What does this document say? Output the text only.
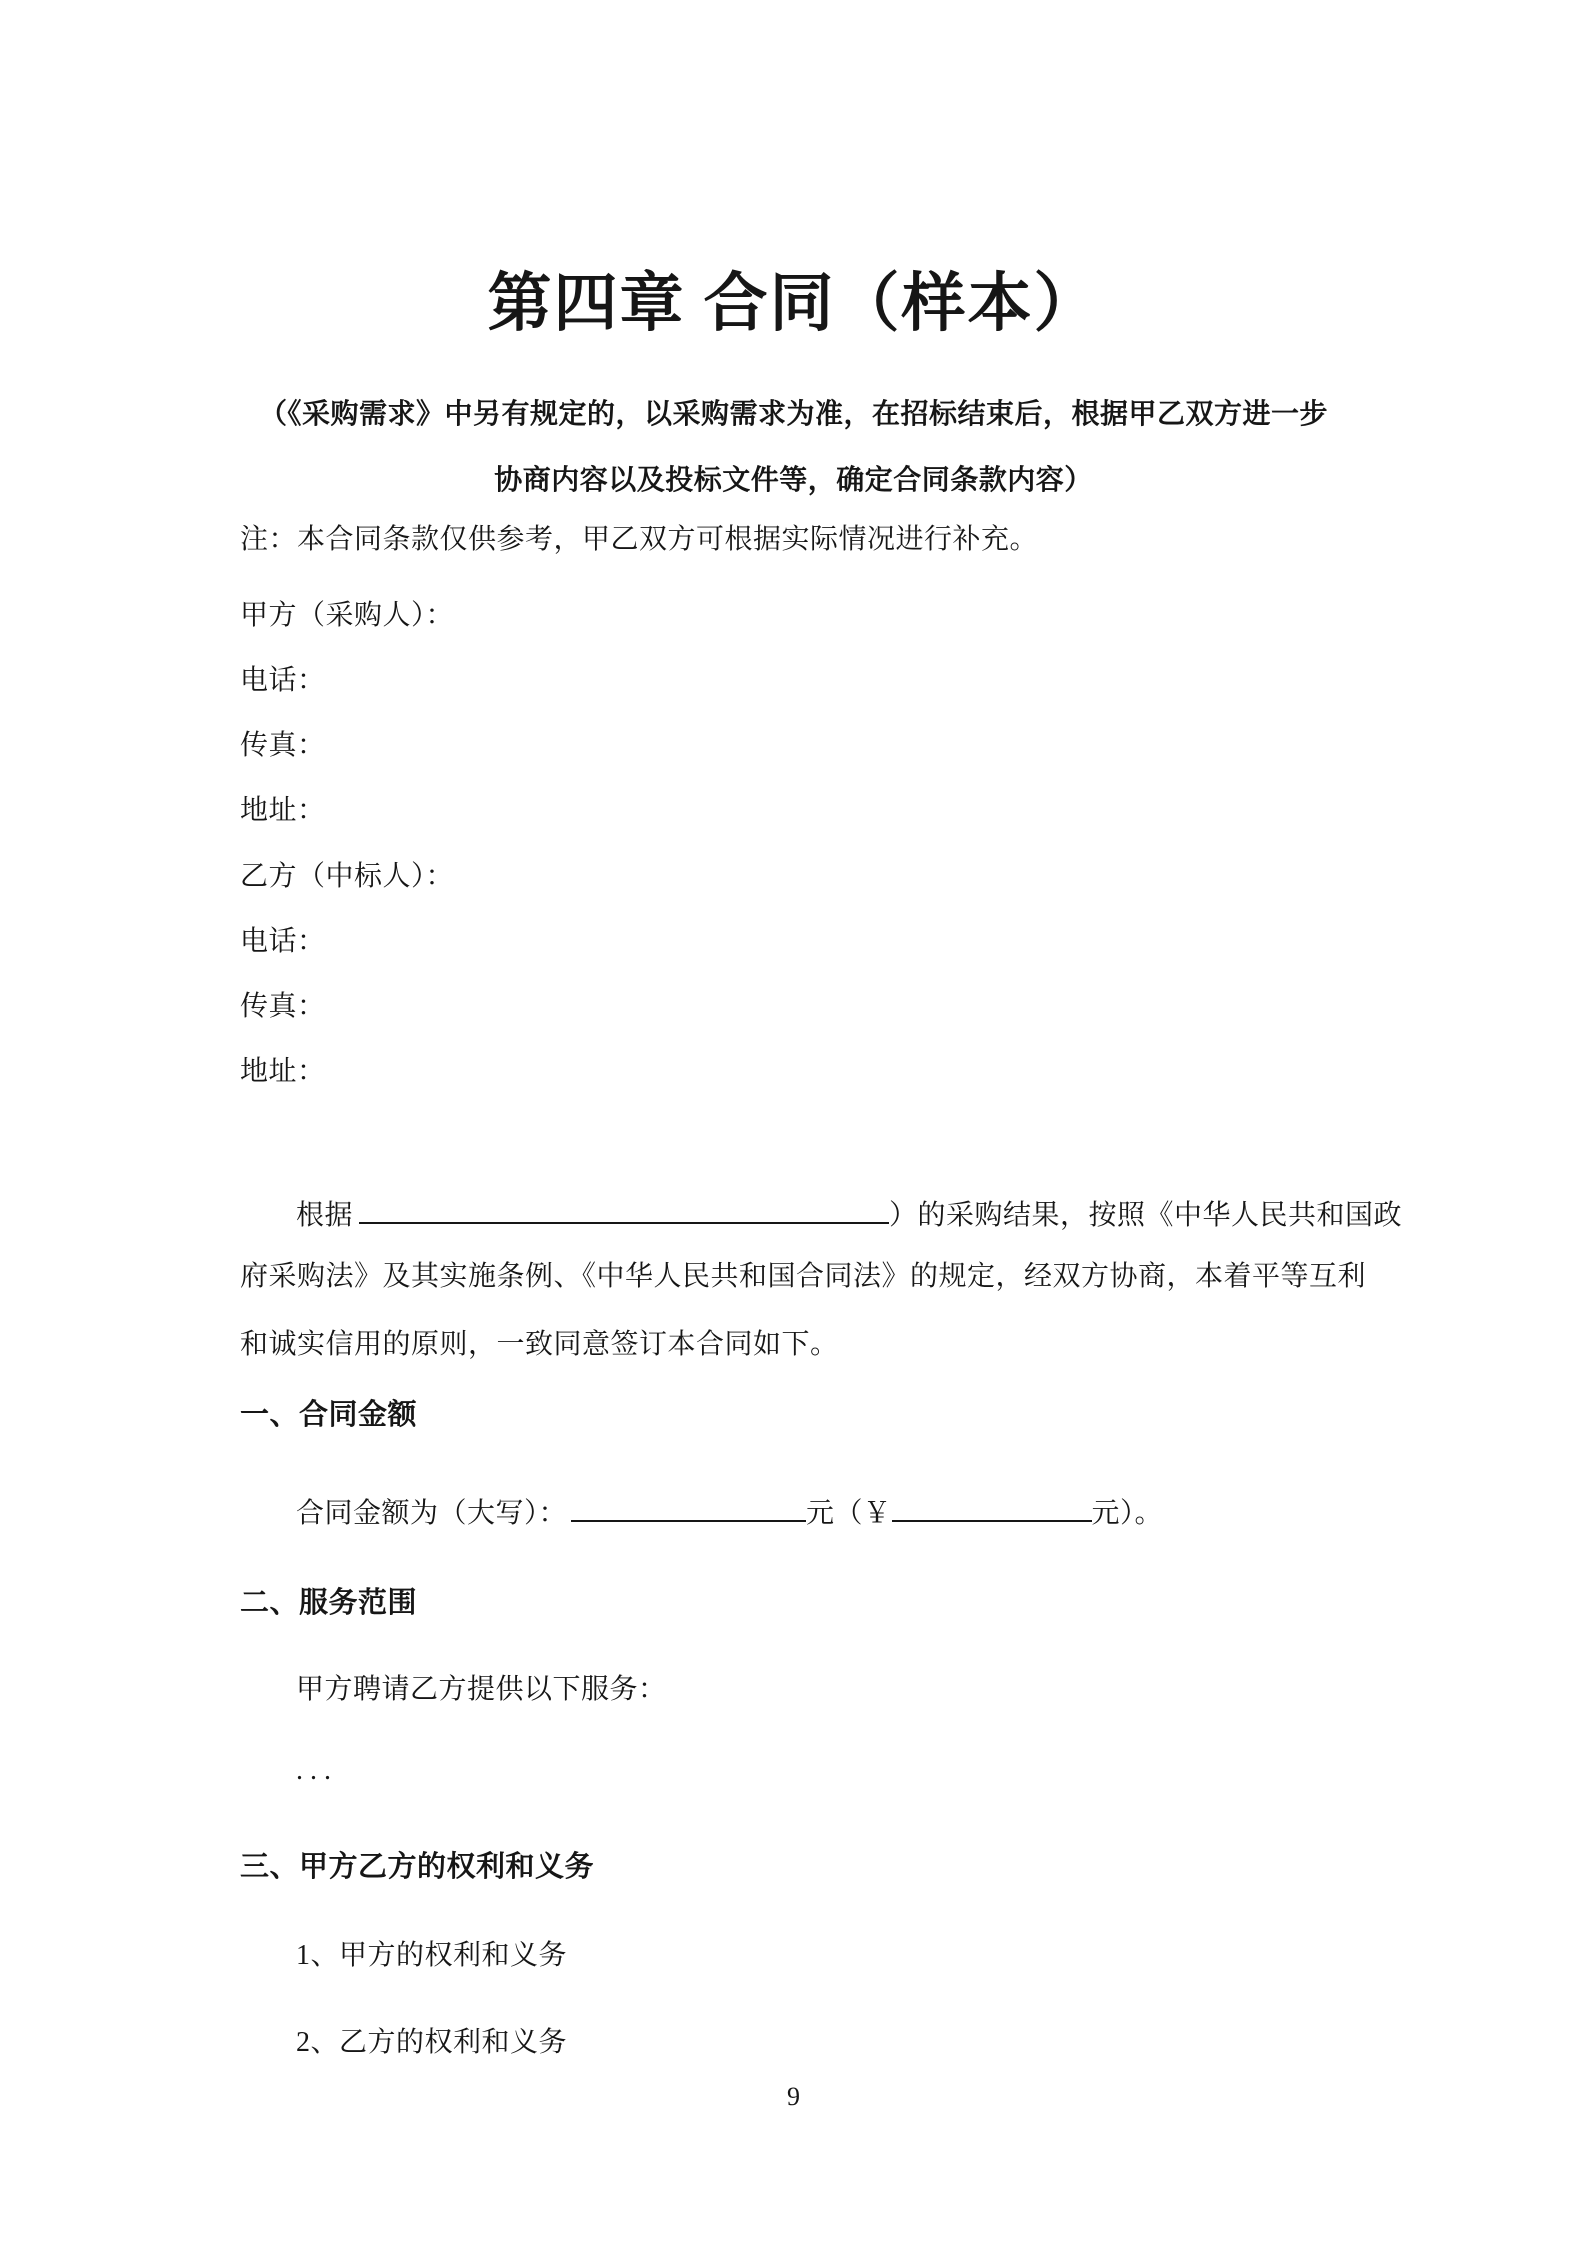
第四章 合同（样本）
（《采购需求》中另有规定的，以采购需求为准，在招标结束后，根据甲乙双方进一步
协商内容以及投标文件等，确定合同条款内容）
注：本合同条款仅供参考，甲乙双方可根据实际情况进行补充。
甲方（采购人）：
电话：
传真：
地址：
乙方（中标人）：
电话：
传真：
地址：
根据	）的采购结果，按照《中华人民共和国政
府采购法》及其实施条例、《中华人民共和国合同法》的规定，经双方协商，本着平等互利
和诚实信用的原则，一致同意签订本合同如下。
一、合同金额
合同金额为（大写）：	元（￥	元）。
二、服务范围
甲方聘请乙方提供以下服务：
...
三、甲方乙方的权利和义务
1、甲方的权利和义务
2、乙方的权利和义务
9
